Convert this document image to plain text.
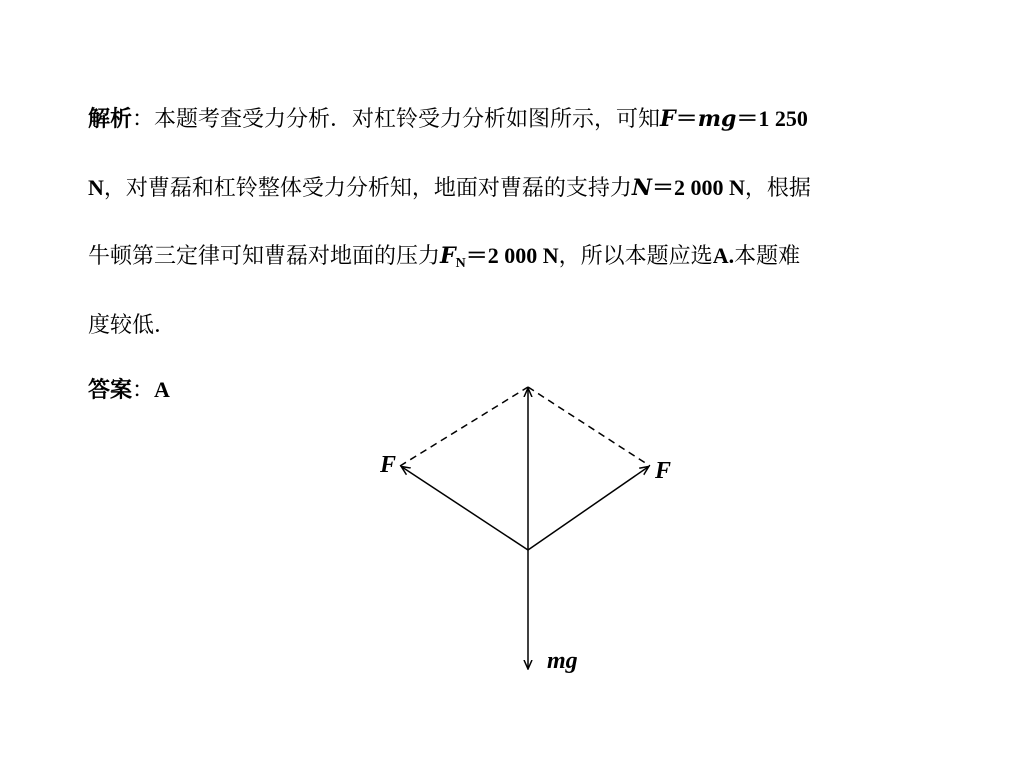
解析：本题考查受力分析．对杠铃受力分析如图所示，可知F＝mg＝1 250
N，对曹磊和杠铃整体受力分析知，地面对曹磊的支持力N＝2 000 N，根据
牛顿第三定律可知曹磊对地面的压力$F_N=2$ 000 N，所以本题应选A.本题难
度较低．
答案：A
F	F
mg
